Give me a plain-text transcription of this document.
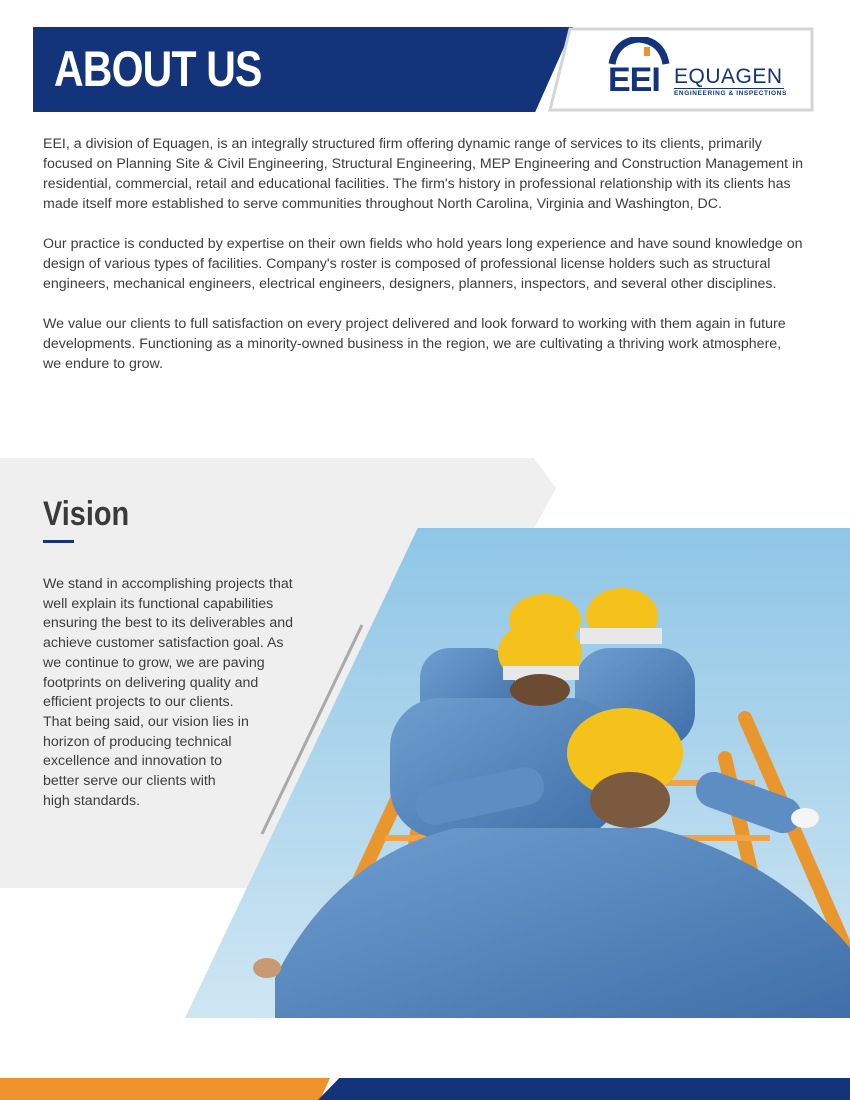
ABOUT US	EEI EQUAGEN
ENGINEERING & INSPECTIONS

EEI, a division of Equagen, is an integrally structured firm offering dynamic range of services to its clients, primarily focused on Planning Site & Civil Engineering, Structural Engineering, MEP Engineering and Construction Management in residential, commercial, retail and educational facilities. The firm's history in professional relationship with its clients has made itself more established to serve communities throughout North Carolina, Virginia and Washington, DC.

Our practice is conducted by expertise on their own fields who hold years long experience and have sound knowledge on design of various types of facilities. Company's roster is composed of professional license holders such as structural engineers, mechanical engineers, electrical engineers, designers, planners, inspectors, and several other disciplines.

We value our clients to full satisfaction on every project delivered and look forward to working with them again in future developments. Functioning as a minority-owned business in the region, we are cultivating a thriving work atmosphere, we endure to grow.

Vision
We stand in accomplishing projects that
well explain its functional capabilities
ensuring the best to its deliverables and
achieve customer satisfaction goal. As
we continue to grow, we are paving
footprints on delivering quality and
efficient projects to our clients.
That being said, our vision lies in
horizon of producing technical
excellence and innovation to
better serve our clients with
high standards.
